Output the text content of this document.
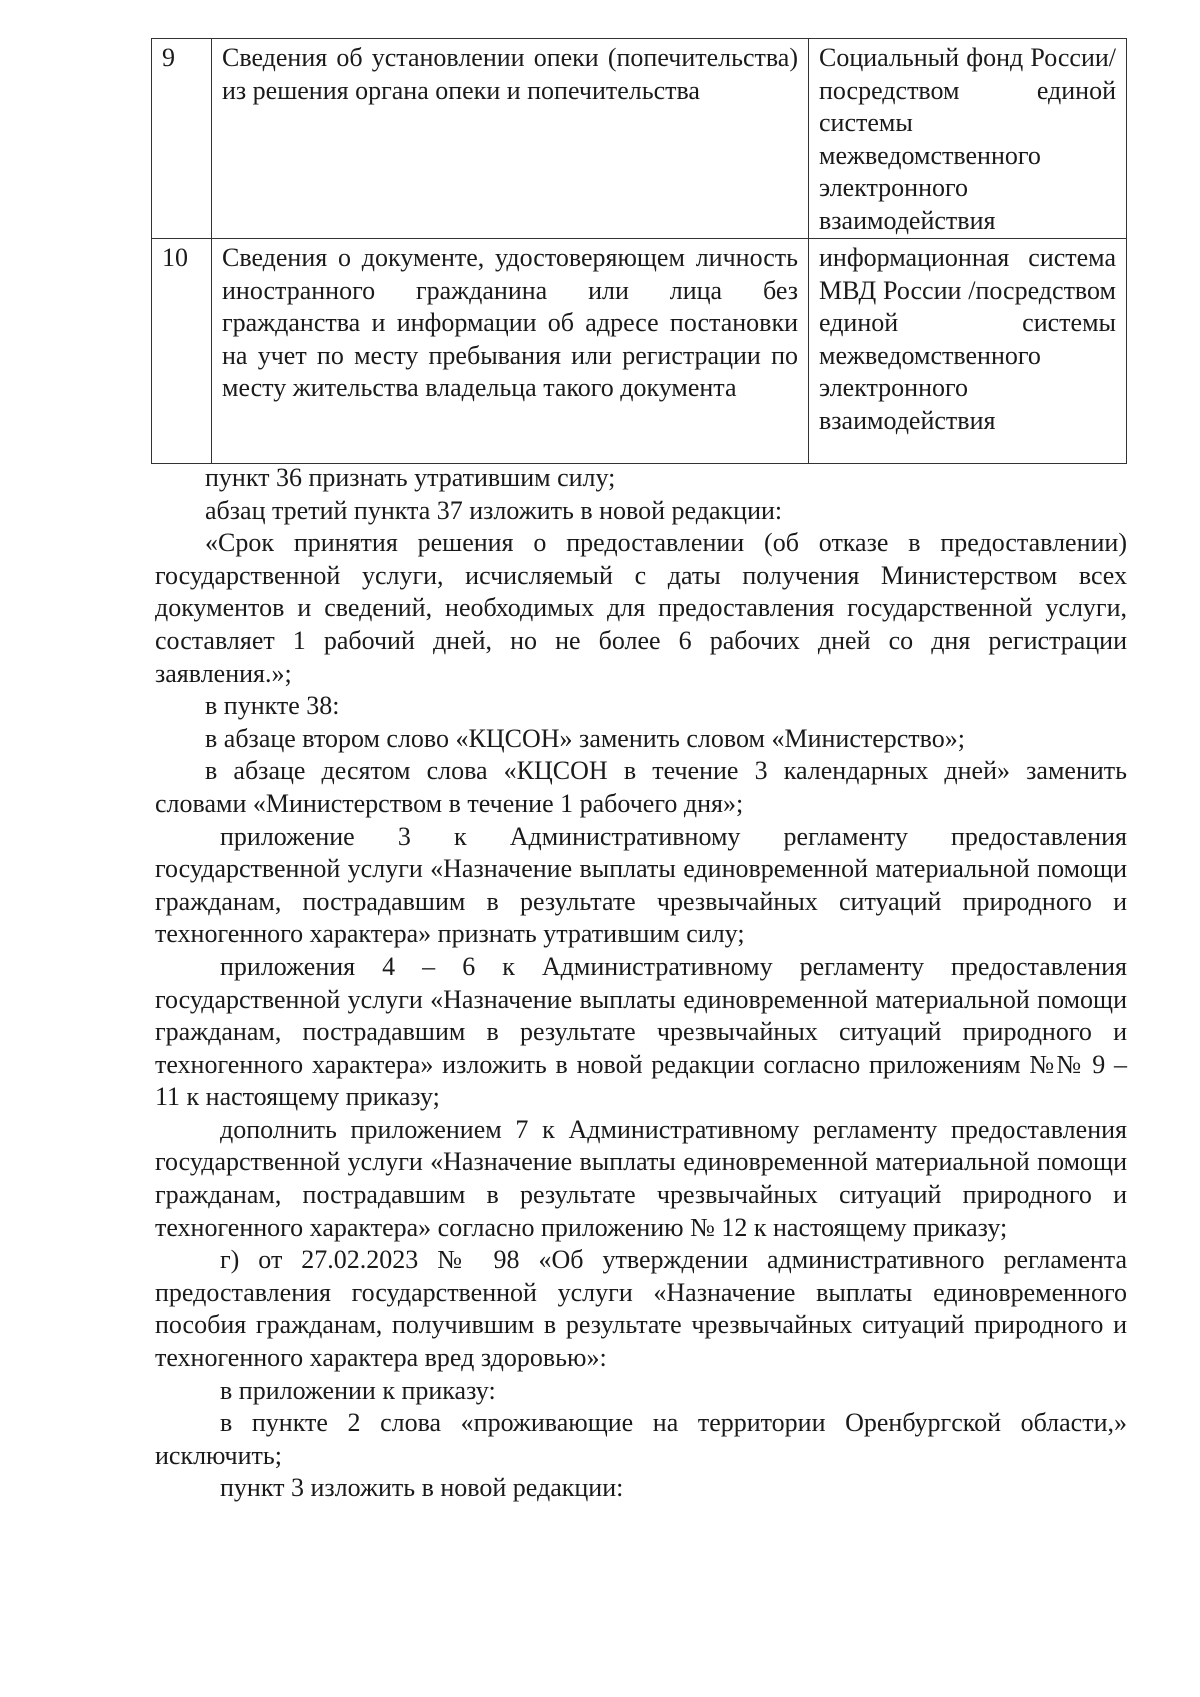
9	Сведения об установлении опеки (попечительства) из решения органа опеки и попечительства	Социальный фонд России/ посредством единой системы межведомственного электронного взаимодействия
10	Сведения о документе, удостоверяющем личность иностранного гражданина или лица без гражданства и информации об адресе постановки на учет по месту пребывания или регистрации по месту жительства владельца такого документа	информационная система МВД России /посредством единой системы межведомственного электронного взаимодействия

пункт 36 признать утратившим силу;

абзац третий пункта 37 изложить в новой редакции:

«Срок принятия решения о предоставлении (об отказе в предоставлении) государственной услуги, исчисляемый с даты получения Министерством всех документов и сведений, необходимых для предоставления государственной услуги, составляет 1 рабочий дней, но не более 6 рабочих дней со дня регистрации заявления.»;

в пункте 38:

в абзаце втором слово «КЦСОН» заменить словом «Министерство»;

в абзаце десятом слова «КЦСОН в течение 3 календарных дней» заменить словами «Министерством в течение 1 рабочего дня»;

приложение 3 к Административному регламенту предоставления государственной услуги «Назначение выплаты единовременной материальной помощи гражданам, пострадавшим в результате чрезвычайных ситуаций природного и техногенного характера» признать утратившим силу;

приложения 4 – 6 к Административному регламенту предоставления государственной услуги «Назначение выплаты единовременной материальной помощи гражданам, пострадавшим в результате чрезвычайных ситуаций природного и техногенного характера» изложить в новой редакции согласно приложениям №№ 9 – 11 к настоящему приказу;

дополнить приложением 7 к Административному регламенту предоставления государственной услуги «Назначение выплаты единовременной материальной помощи гражданам, пострадавшим в результате чрезвычайных ситуаций природного и техногенного характера» согласно приложению № 12 к настоящему приказу;

г) от 27.02.2023 № 98 «Об утверждении административного регламента предоставления государственной услуги «Назначение выплаты единовременного пособия гражданам, получившим в результате чрезвычайных ситуаций природного и техногенного характера вред здоровью»:

в приложении к приказу:

в пункте 2 слова «проживающие на территории Оренбургской области,» исключить;

пункт 3 изложить в новой редакции:
